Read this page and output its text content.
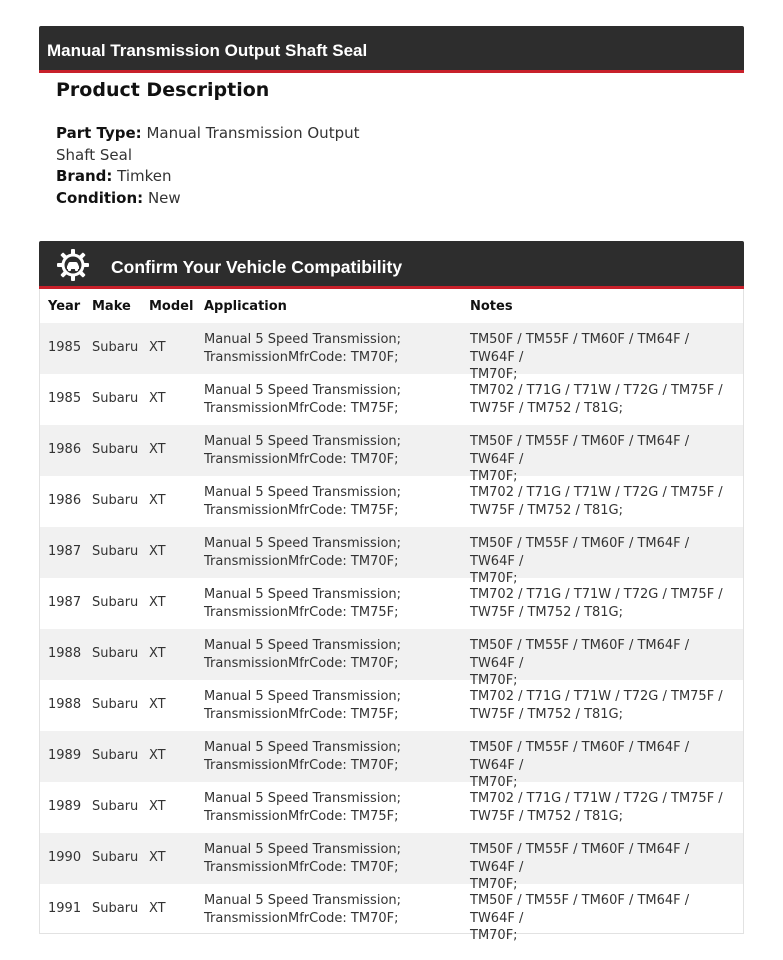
Manual Transmission Output Shaft Seal
Product Description
Part Type: Manual Transmission Output
Shaft Seal
Brand: Timken
Condition: New
Confirm Your Vehicle Compatibility
Year Make Model Application	Notes
1985 Subaru XT
Manual 5 Speed Transmission;
TransmissionMfrCode: TM70F;
TM50F / TM55F / TM60F / TM64F / TW64F /
TM70F;
1985 Subaru XT
Manual 5 Speed Transmission;
TransmissionMfrCode: TM75F;
TM702 / T71G / T71W / T72G / TM75F /
TW75F / TM752 / T81G;
1986 Subaru XT
Manual 5 Speed Transmission;
TransmissionMfrCode: TM70F;
TM50F / TM55F / TM60F / TM64F / TW64F /
TM70F;
1986 Subaru XT
Manual 5 Speed Transmission;
TransmissionMfrCode: TM75F;
TM702 / T71G / T71W / T72G / TM75F /
TW75F / TM752 / T81G;
1987 Subaru XT
Manual 5 Speed Transmission;
TransmissionMfrCode: TM70F;
TM50F / TM55F / TM60F / TM64F / TW64F /
TM70F;
1987 Subaru XT
Manual 5 Speed Transmission;
TransmissionMfrCode: TM75F;
TM702 / T71G / T71W / T72G / TM75F /
TW75F / TM752 / T81G;
1988 Subaru XT
Manual 5 Speed Transmission;
TransmissionMfrCode: TM70F;
TM50F / TM55F / TM60F / TM64F / TW64F /
TM70F;
1988 Subaru XT
Manual 5 Speed Transmission;
TransmissionMfrCode: TM75F;
TM702 / T71G / T71W / T72G / TM75F /
TW75F / TM752 / T81G;
1989 Subaru XT
Manual 5 Speed Transmission;
TransmissionMfrCode: TM70F;
TM50F / TM55F / TM60F / TM64F / TW64F /
TM70F;
1989 Subaru XT
Manual 5 Speed Transmission;
TransmissionMfrCode: TM75F;
TM702 / T71G / T71W / T72G / TM75F /
TW75F / TM752 / T81G;
1990 Subaru XT
Manual 5 Speed Transmission;
TransmissionMfrCode: TM70F;
TM50F / TM55F / TM60F / TM64F / TW64F /
TM70F;
1991 Subaru XT
Manual 5 Speed Transmission;
TransmissionMfrCode: TM70F;
TM50F / TM55F / TM60F / TM64F / TW64F /
TM70F;
